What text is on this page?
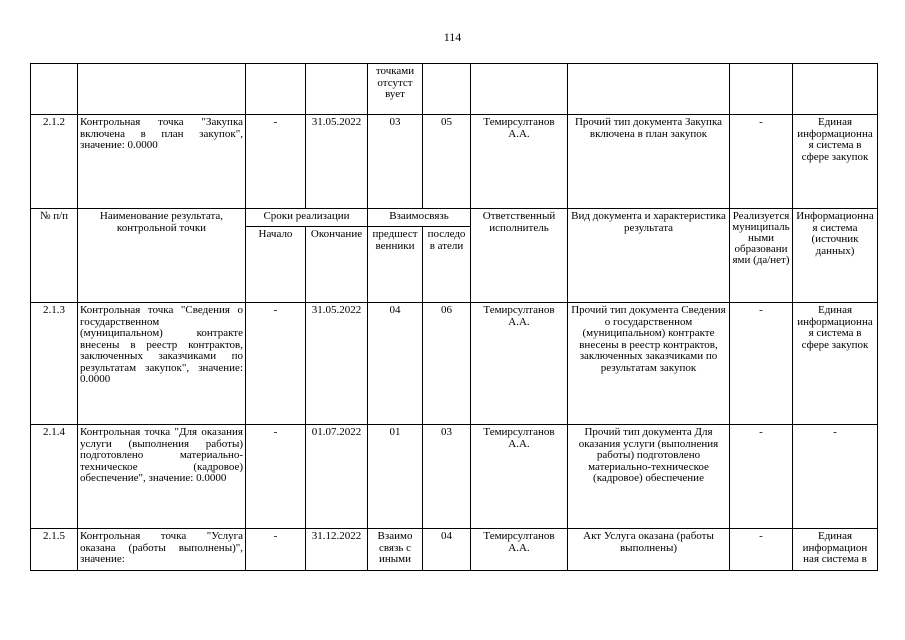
114
				точками отсутст вует					
2.1.2	Контрольная точка "Закупка включена в план закупок", значение: 0.0000	-	31.05.2022	03	05	Темирсултанов А.А.	Прочий тип документа Закупка включена в план закупок	-	Единая информационная система в сфере закупок
№ п/п	Наименование результата, контрольной точки	Сроки реализации		Взаимосвязь		Ответственный исполнитель	Вид документа и характеристика результата	Реализуется муниципальными образованиями (да/нет)	Информационная система (источник данных)
		Начало	Окончание	предшест венники	последов атели				
2.1.3	Контрольная точка "Сведения о государственном (муниципальном) контракте внесены в реестр контрактов, заключенных заказчиками по результатам закупок", значение: 0.0000	-	31.05.2022	04	06	Темирсултанов А.А.	Прочий тип документа Сведения о государственном (муниципальном) контракте внесены в реестр контрактов, заключенных заказчиками по результатам закупок	-	Единая информационная система в сфере закупок
2.1.4	Контрольная точка "Для оказания услуги (выполнения работы) подготовлено материально-техническое (кадровое) обеспечение", значение: 0.0000	-	01.07.2022	01	03	Темирсултанов А.А.	Прочий тип документа Для оказания услуги (выполнения работы) подготовлено материально-техническое (кадровое) обеспечение	-	-
2.1.5	Контрольная точка "Услуга оказана (работы выполнены)", значение:	-	31.12.2022	Взаимо связь с иными	04	Темирсултанов А.А.	Акт Услуга оказана (работы выполнены)	-	Единая информацион ная система в
